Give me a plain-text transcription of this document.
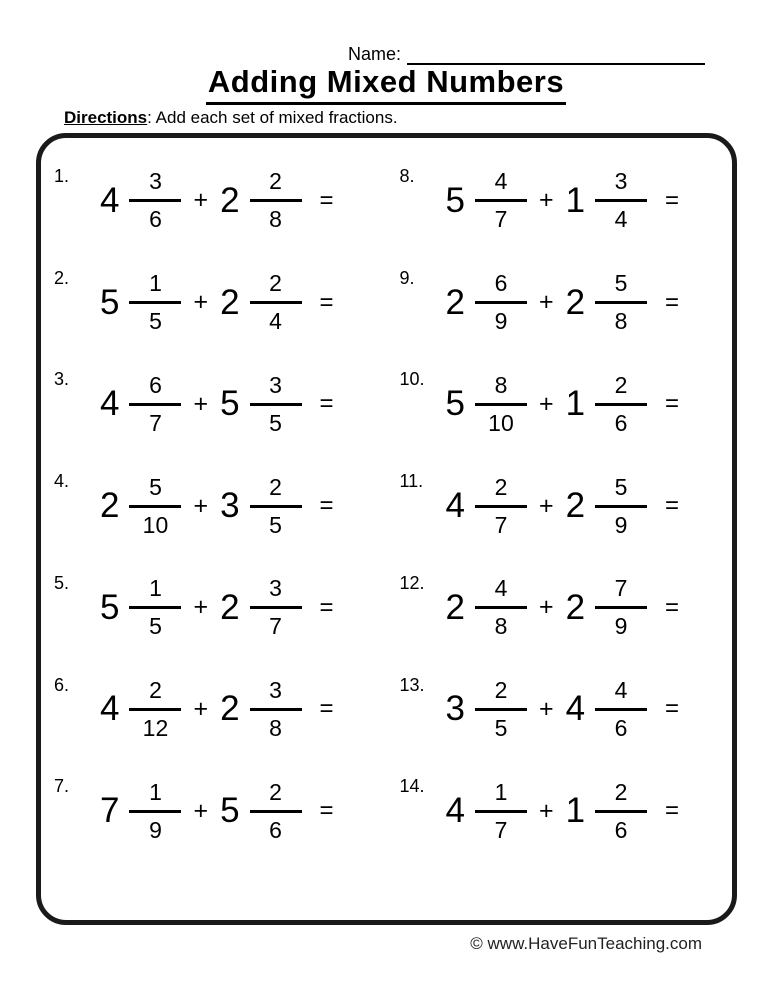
Name:
Adding Mixed Numbers
Directions: Add each set of mixed fractions.
1.
$4 \frac{3}{6} + 2 \frac{2}{8}$ =
2.
$5 \frac{1}{5} + 2 \frac{2}{4}$ =
3.
$4 \frac{6}{7} + 5 \frac{3}{5}$ =
4.
$2 \frac{5}{10} + 3 \frac{2}{5}$ =
5.
$5 \frac{1}{5} + 2 \frac{3}{7}$ =
6.
$4 \frac{2}{12} + 2 \frac{3}{8}$ =
7.
$7 \frac{1}{9} + 5 \frac{2}{6}$ =
8.
$5 \frac{4}{7} + 1 \frac{3}{4}$ =
9.
$2 \frac{6}{9} + 2 \frac{5}{8}$ =
10.
$5 \frac{8}{10} + 1 \frac{2}{6}$ =
11.
$4 \frac{2}{7} + 2 \frac{5}{9}$ =
12.
$2 \frac{4}{8} + 2 \frac{7}{9}$ =
13.
$3 \frac{2}{5} + 4 \frac{4}{6}$ =
14.
$4 \frac{1}{7} + 1 \frac{2}{6}$ =
© www.HaveFunTeaching.com
